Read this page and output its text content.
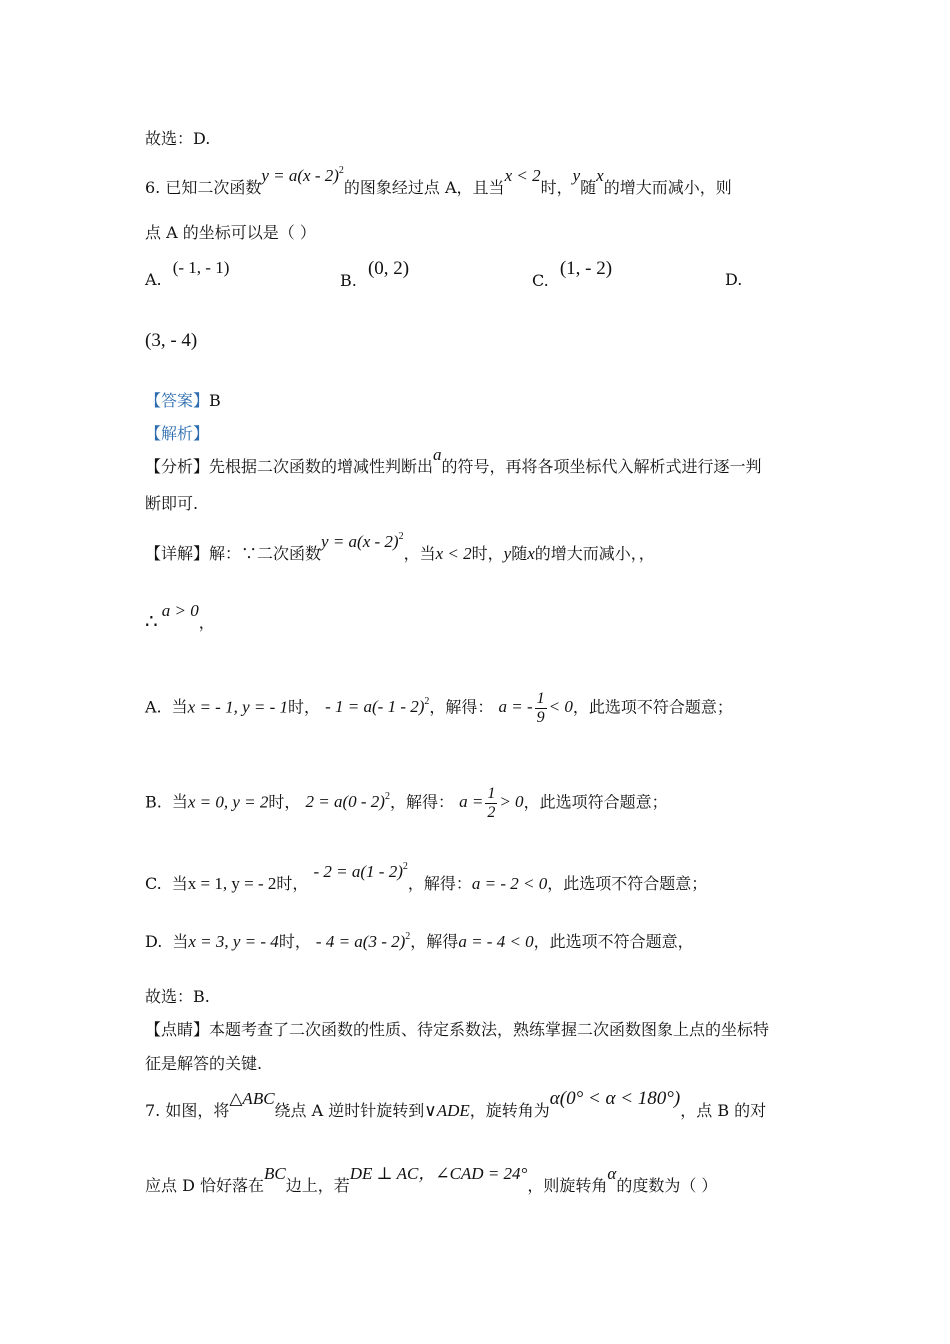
故选：D.
6. 已知二次函数y = a(x - 2)$^2$的图象经过点 A，且当x < 2时，y随x的增大而减小，则
点 A 的坐标可以是（ ）
A. (- 1, - 1)
B. (0, 2)
C. (1, - 2)
D.
(3, - 4)
【答案】B
【解析】
【分析】先根据二次函数的增减性判断出a的符号，再将各项坐标代入解析式进行逐一判
断即可.
【详解】解：∵二次函数y = a(x - 2)$^2$，当x < 2时，y随x的增大而减小，，
∴ a > 0，
A. 当x = - 1, y = - 1时， - 1 = a(- 1 - 2)$^2$，解得： a = - $\frac{1}{9} < 0$，此选项不符合题意；
B. 当x = 0, y = 2时， 2 = a(0 - 2)$^2$，解得： $a = \frac{1}{2} > 0$，此选项符合题意；
C. 当x = 1, y = - 2时， - 2 = a(1 - 2)$^2$，解得：a = - 2 < 0，此选项不符合题意；
D. 当x = 3, y = - 4时， - 4 = a(3 - 2)$^2$，解得a = - 4 < 0，此选项不符合题意，
故选：B.
【点睛】本题考查了二次函数的性质、待定系数法，熟练掌握二次函数图象上点的坐标特
征是解答的关键.
7. 如图，将△ABC绕点 A 逆时针旋转到∨ADE，旋转角为α(0° < α < 180°)，点 B 的对
应点 D 恰好落在BC边上，若DE ⊥ AC，∠CAD = 24°，则旋转角α的度数为（ ）
